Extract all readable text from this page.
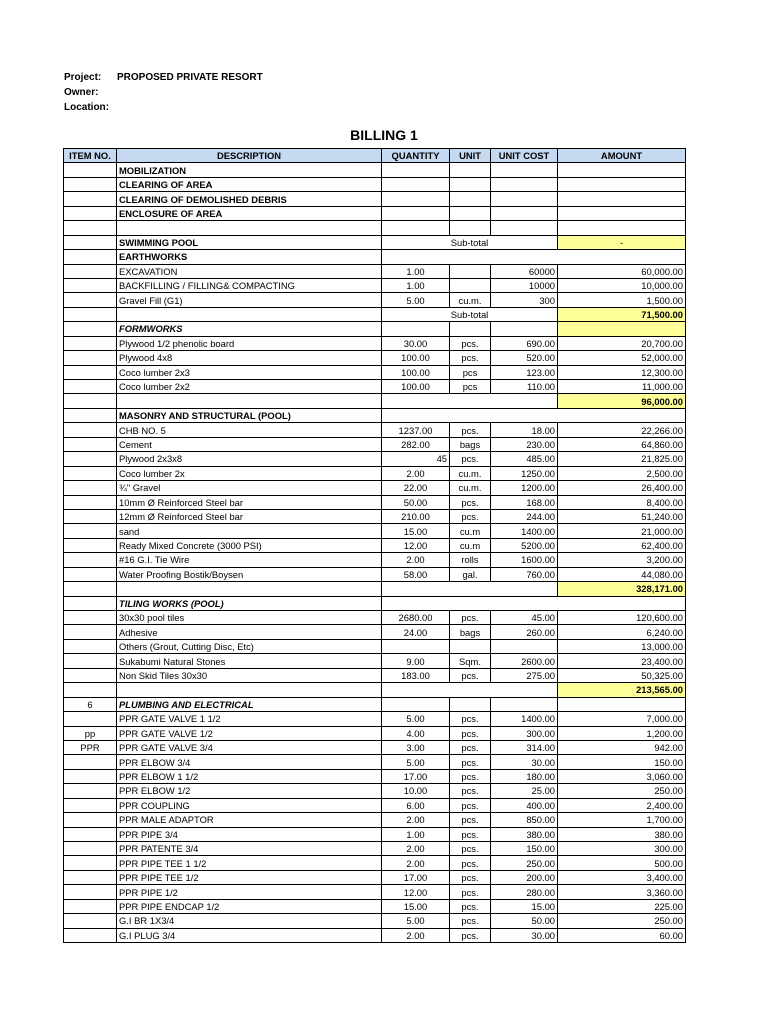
Project:	PROPOSED PRIVATE RESORT
Owner:
Location:
BILLING 1
ITEM NO.	DESCRIPTION	QUANTITY	UNIT	UNIT COST	AMOUNT
	MOBILIZATION				
	CLEARING OF AREA				
	CLEARING OF DEMOLISHED DEBRIS				
	ENCLOSURE OF AREA				

	SWIMMING POOL	Sub-total			-
	EARTHWORKS				
	EXCAVATION	1.00		60000	60,000.00
	BACKFILLING / FILLING& COMPACTING	1.00		10000	10,000.00
	Gravel Fill (G1)	5.00	cu.m.	300	1,500.00
		Sub-total			71,500.00
	FORMWORKS				
	Plywood 1/2 phenolic board	30.00	pcs.	690.00	20,700.00
	Plywood 4x8	100.00	pcs.	520.00	52,000.00
	Coco lumber 2x3	100.00	pcs	123.00	12,300.00
	Coco lumber 2x2	100.00	pcs	110.00	11,000.00
					96,000.00
	MASONRY AND STRUCTURAL (POOL)				
	CHB NO. 5	1237.00	pcs.	18.00	22,266.00
	Cement	282.00	bags	230.00	64,860.00
	Plywood 2x3x8	45	pcs.	485.00	21,825.00
	Coco lumber 2x	2.00	cu.m.	1250.00	2,500.00
	¾" Gravel	22.00	cu.m.	1200.00	26,400.00
	10mm Ø Reinforced Steel bar	50.00	pcs.	168.00	8,400.00
	12mm Ø Reinforced Steel bar	210.00	pcs.	244.00	51,240.00
	sand	15.00	cu.m	1400.00	21,000.00
	Ready Mixed Concrete (3000 PSI)	12.00	cu.m	5200.00	62,400.00
	#16 G.I. Tie Wire	2.00	rolls	1600.00	3,200.00
	Water Proofing Bostik/Boysen	58.00	gal.	760.00	44,080.00
					328,171.00
	TILING WORKS (POOL)				
	30x30 pool tiles	2680.00	pcs.	45.00	120,600.00
	Adhesive	24.00	bags	260.00	6,240.00
	Others (Grout, Cutting Disc, Etc)				13,000.00
	Sukabumi Natural Stones	9.00	Sqm.	2600.00	23,400.00
	Non Skid Tiles 30x30	183.00	pcs.	275.00	50,325.00
					213,565.00
6	PLUMBING AND ELECTRICAL				
	PPR GATE VALVE 1 1/2	5.00	pcs.	1400.00	7,000.00
pp	PPR GATE VALVE 1/2	4.00	pcs.	300.00	1,200.00
PPR	PPR GATE VALVE 3/4	3.00	pcs.	314.00	942.00
	PPR ELBOW 3/4	5.00	pcs.	30.00	150.00
	PPR ELBOW 1 1/2	17.00	pcs.	180.00	3,060.00
	PPR ELBOW 1/2	10.00	pcs.	25.00	250.00
	PPR COUPLING	6.00	pcs.	400.00	2,400.00
	PPR MALE ADAPTOR	2.00	pcs.	850.00	1,700.00
	PPR PIPE 3/4	1.00	pcs.	380.00	380.00
	PPR PATENTE 3/4	2.00	pcs.	150.00	300.00
	PPR PIPE TEE 1 1/2	2.00	pcs.	250.00	500.00
	PPR PIPE TEE 1/2	17.00	pcs.	200.00	3,400.00
	PPR PIPE 1/2	12.00	pcs.	280.00	3,360.00
	PPR PIPE ENDCAP 1/2	15.00	pcs.	15.00	225.00
	G.I BR 1X3/4	5.00	pcs.	50.00	250.00
	G.I PLUG 3/4	2.00	pcs.	30.00	60.00
